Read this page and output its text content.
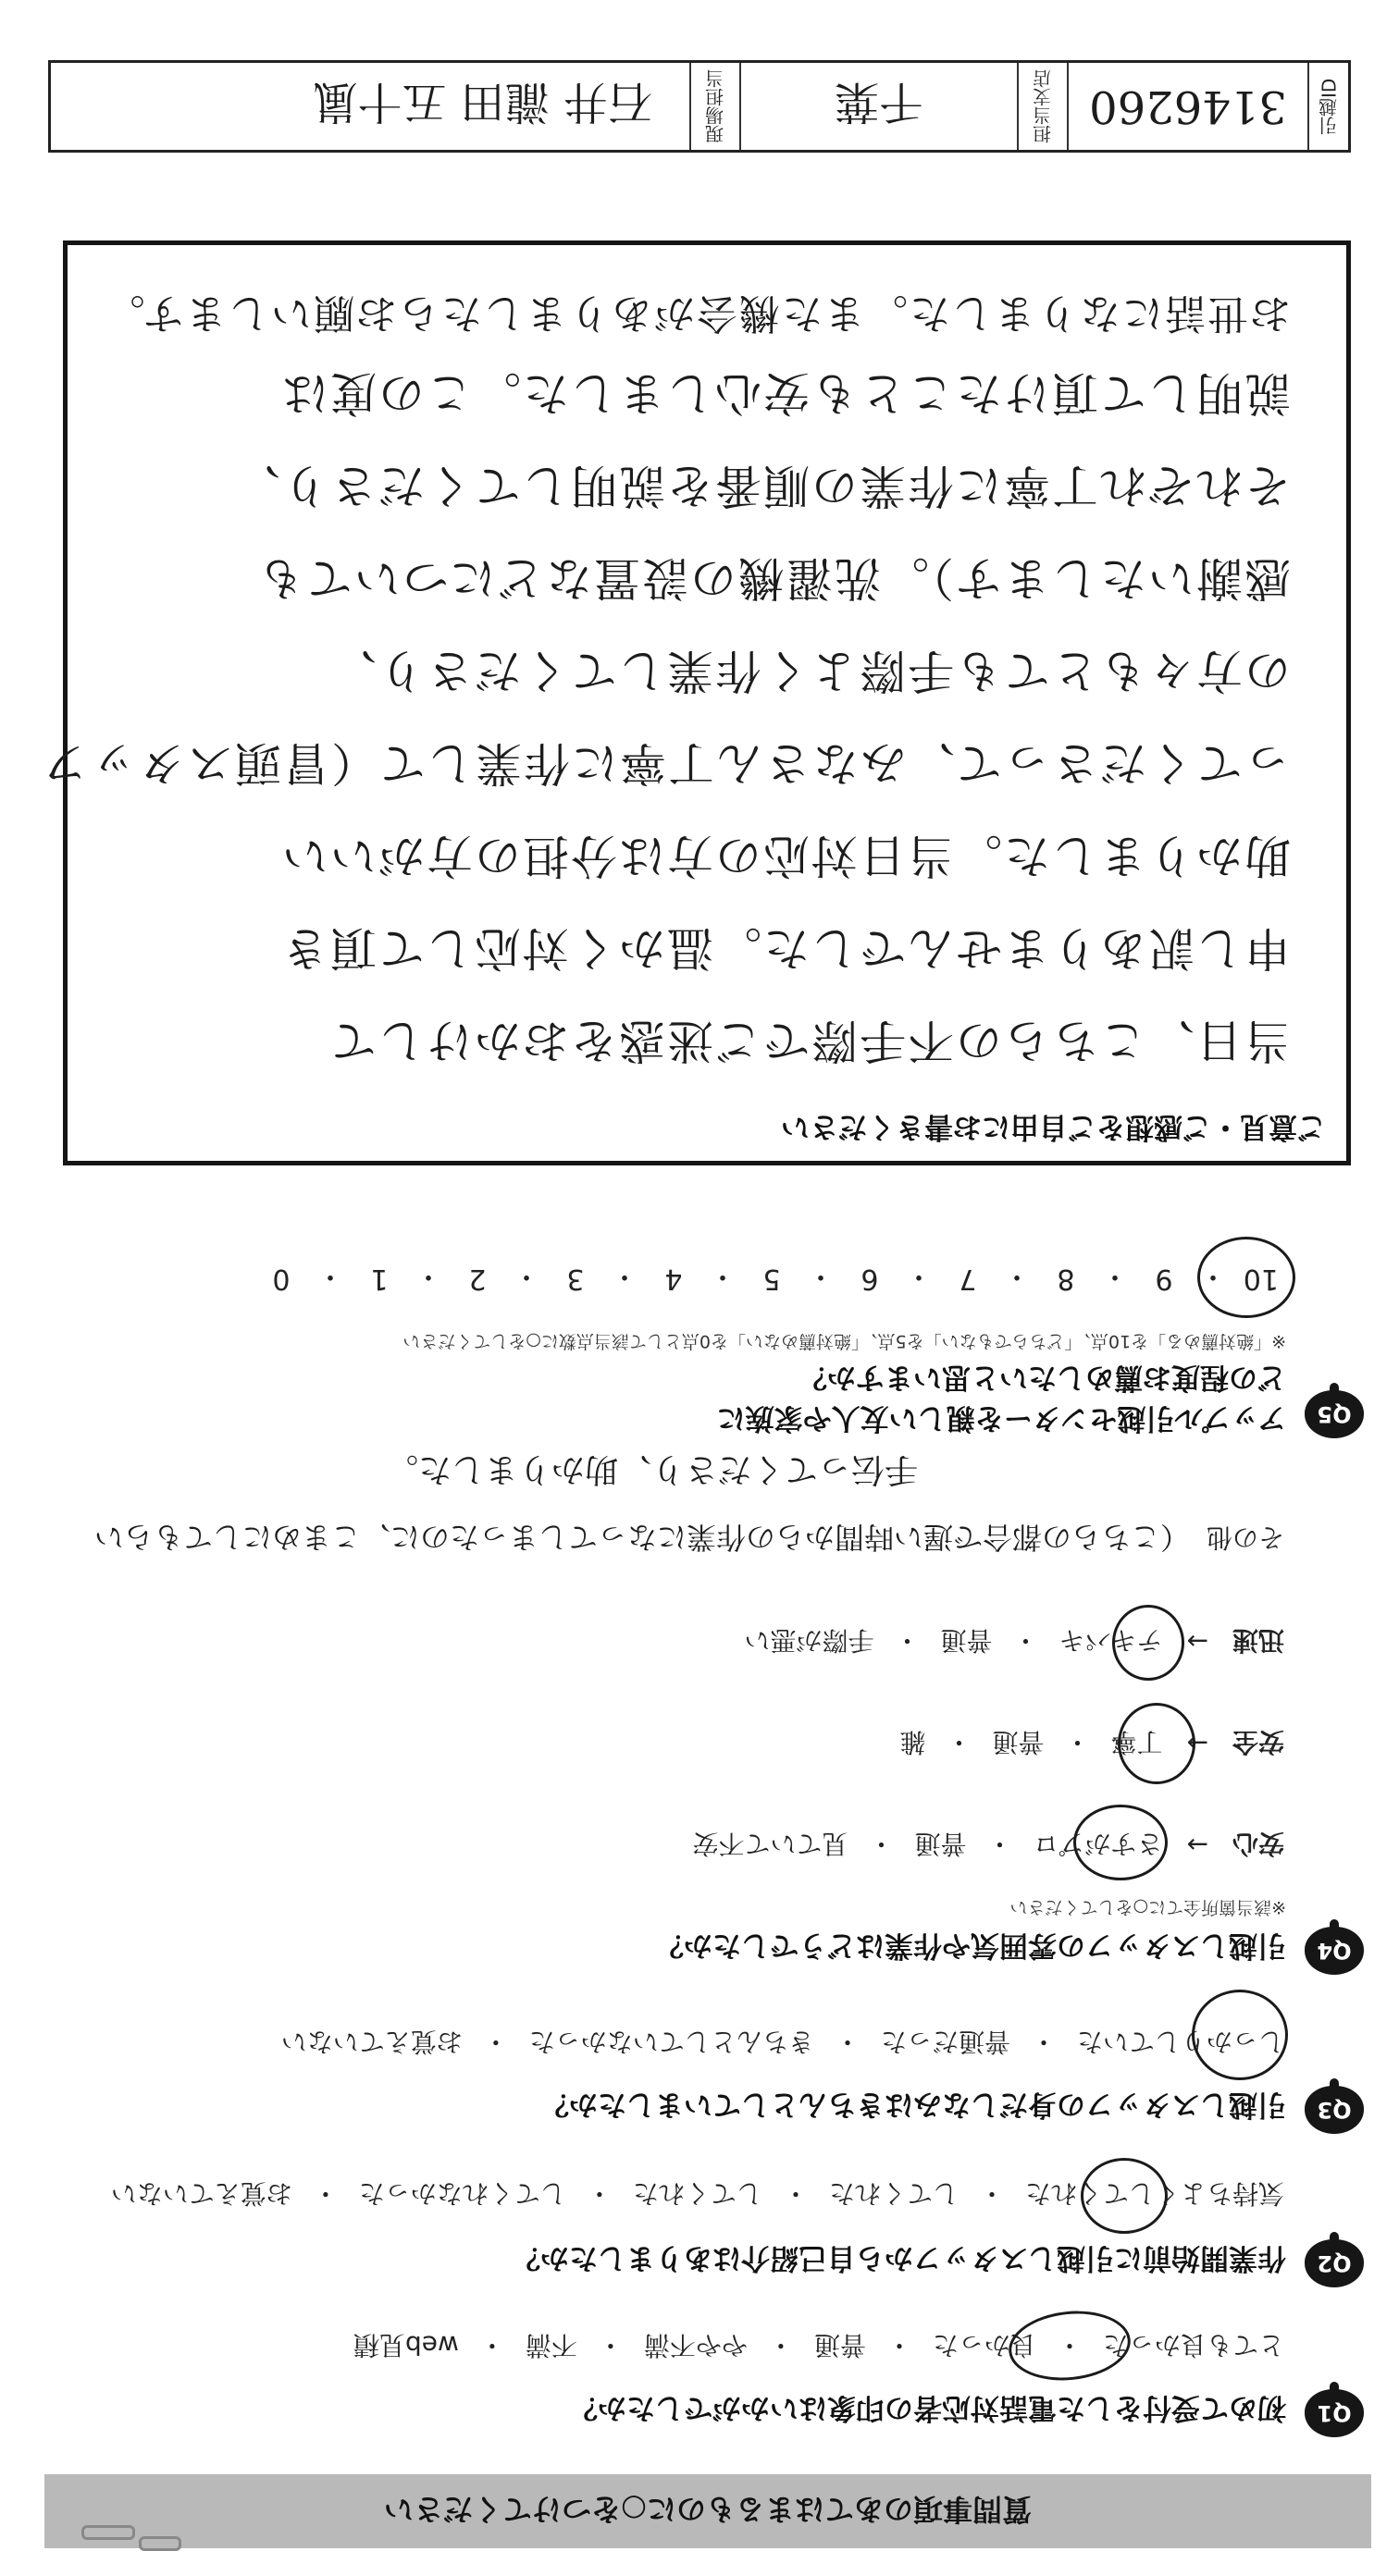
質問事項のあてはまるものに○をつけてください
Q1
初めて受付をした電話対応者の印象はいかがでしたか？
とても良かった
・
良かった
・
普通
・
やや不満
・
不満
・
web見積
Q2
作業開始前に引越しスタッフから自己紹介はありましたか？
気持ちよくしてくれた
・
してくれた
・
してくれた
・
してくれなかった
・
お覚えていない
Q3
引越しスタッフの身だしなみはきちんとしていましたか？
しっかりしていた
・
普通だった
・
きちんとしていなかった
・
お覚えていない
Q4
引越しスタッフの雰囲気や作業はどうでしたか？
※該当箇所全てに○をしてください
安心
→
さすがプロ
・
普通
・
見ていて不安
安全
→
丁寧
・
普通
・
雑
迅速
→
テキパキ
・
普通
・
手際が悪い
その他
（こちらの都合で遅い時間からの作業になってしまったのに、こまめにしてもらい
手伝ってくださり、助かりました。
Q5
アップル引越センターを親しい友人や家族に
どの程度お薦めしたいと思いますか？
※「絶対薦める」を10点、「どちらでもない」を5点、「絶対薦めない」を0点として該当点数に○をしてください
10
・
9
・
8
・
7
・
6
・
5
・
4
・
3
・
2
・
1
・
0
ご意見・ご感想をご自由にお書きください
当日、こちらの不手際でご迷惑をおかけして
申し訳ありませんでした。温かく対応して頂き
助かりました。当日対応の方は分担の方がいい
ってくださって、みなさん丁寧に作業して（冒頭スタッフ
の方々もとても手際よく作業してくださり、
感謝いたします）。洗濯機の設置などについても
それぞれ丁寧に作業の順番を説明してくださり、
説明して頂けたことも安心しました。この度は
お世話になりました。また機会がありましたらお願いします。
引越ID
3146260
担当支店
千葉
現場担当
石井 瀧田 五十嵐
